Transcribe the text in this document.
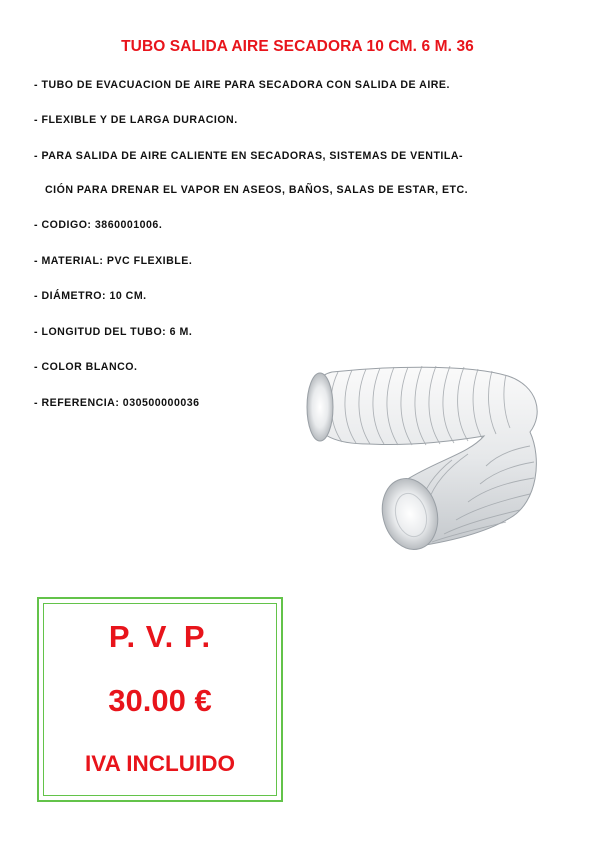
TUBO SALIDA AIRE SECADORA 10 CM. 6 M. 36
- TUBO DE EVACUACION DE AIRE PARA SECADORA CON SALIDA DE AIRE.
- FLEXIBLE Y DE LARGA DURACION.
- PARA SALIDA DE AIRE CALIENTE EN SECADORAS, SISTEMAS DE VENTILA-
CIÓN PARA DRENAR EL VAPOR EN ASEOS, BAÑOS, SALAS DE ESTAR, ETC.
- CODIGO: 3860001006.
- MATERIAL: PVC FLEXIBLE.
- DIÁMETRO: 10 CM.
- LONGITUD DEL TUBO: 6 M.
- COLOR BLANCO.
- REFERENCIA: 030500000036
P. V. P.
30.00 €
IVA INCLUIDO
